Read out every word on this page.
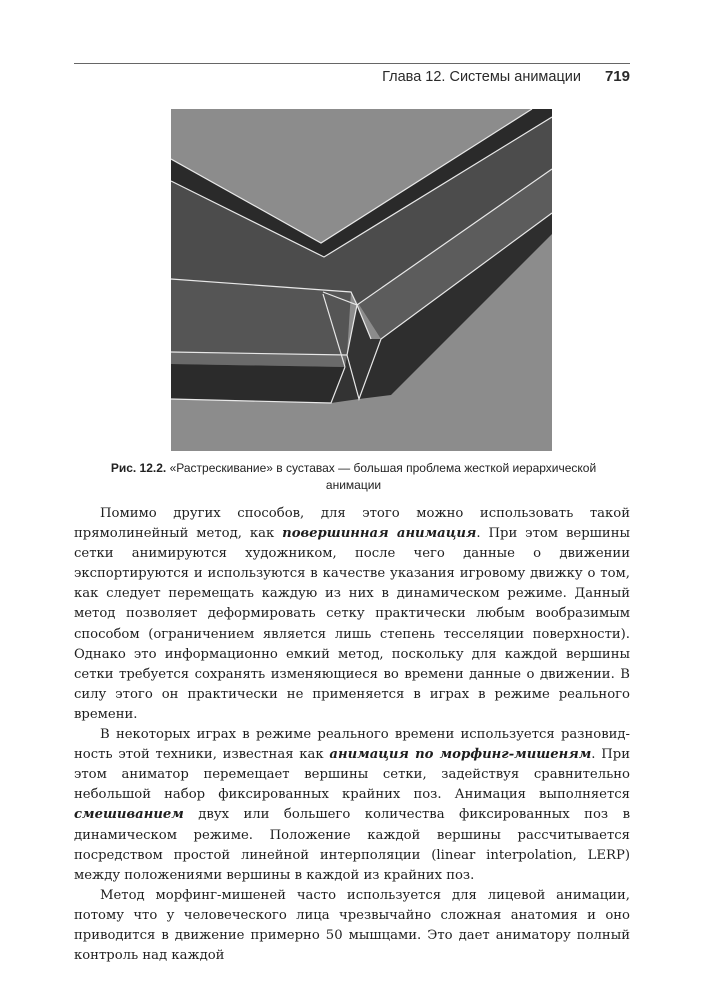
Глава 12. Системы анимации 719
Рис. 12.2. «Растрескивание» в суставах — большая проблема жесткой иерархической анимации

Помимо других способов, для этого можно использовать такой прямолинейный метод, как повершинная анимация. При этом вершины сетки анимируются художником, после чего данные о движении экспортируются и используются в качестве указания игровому движку о том, как следует перемещать каждую из них в динамическом режиме. Данный метод позволяет деформировать сетку практически любым вообразимым способом (ограничением является лишь степень тесселяции поверхности). Однако это информационно емкий метод, поскольку для каждой вершины сетки требуется сохранять изменяющиеся во времени данные о движении. В силу этого он практически не применяется в играх в режиме реального времени.

В некоторых играх в режиме реального времени используется разновидность этой техники, известная как анимация по морфинг-мишеням. При этом аниматор перемещает вершины сетки, задействуя сравнительно небольшой набор фиксированных крайних поз. Анимация выполняется смешиванием двух или большего количества фиксированных поз в динамическом режиме. Положение каждой вершины рассчитывается посредством простой линейной интерполяции (linear interpolation, LERP) между положениями вершины в каждой из крайних поз.

Метод морфинг-мишеней часто используется для лицевой анимации, потому что у человеческого лица чрезвычайно сложная анатомия и оно приводится в движение примерно 50 мышцами. Это дает аниматору полный контроль над каждой
